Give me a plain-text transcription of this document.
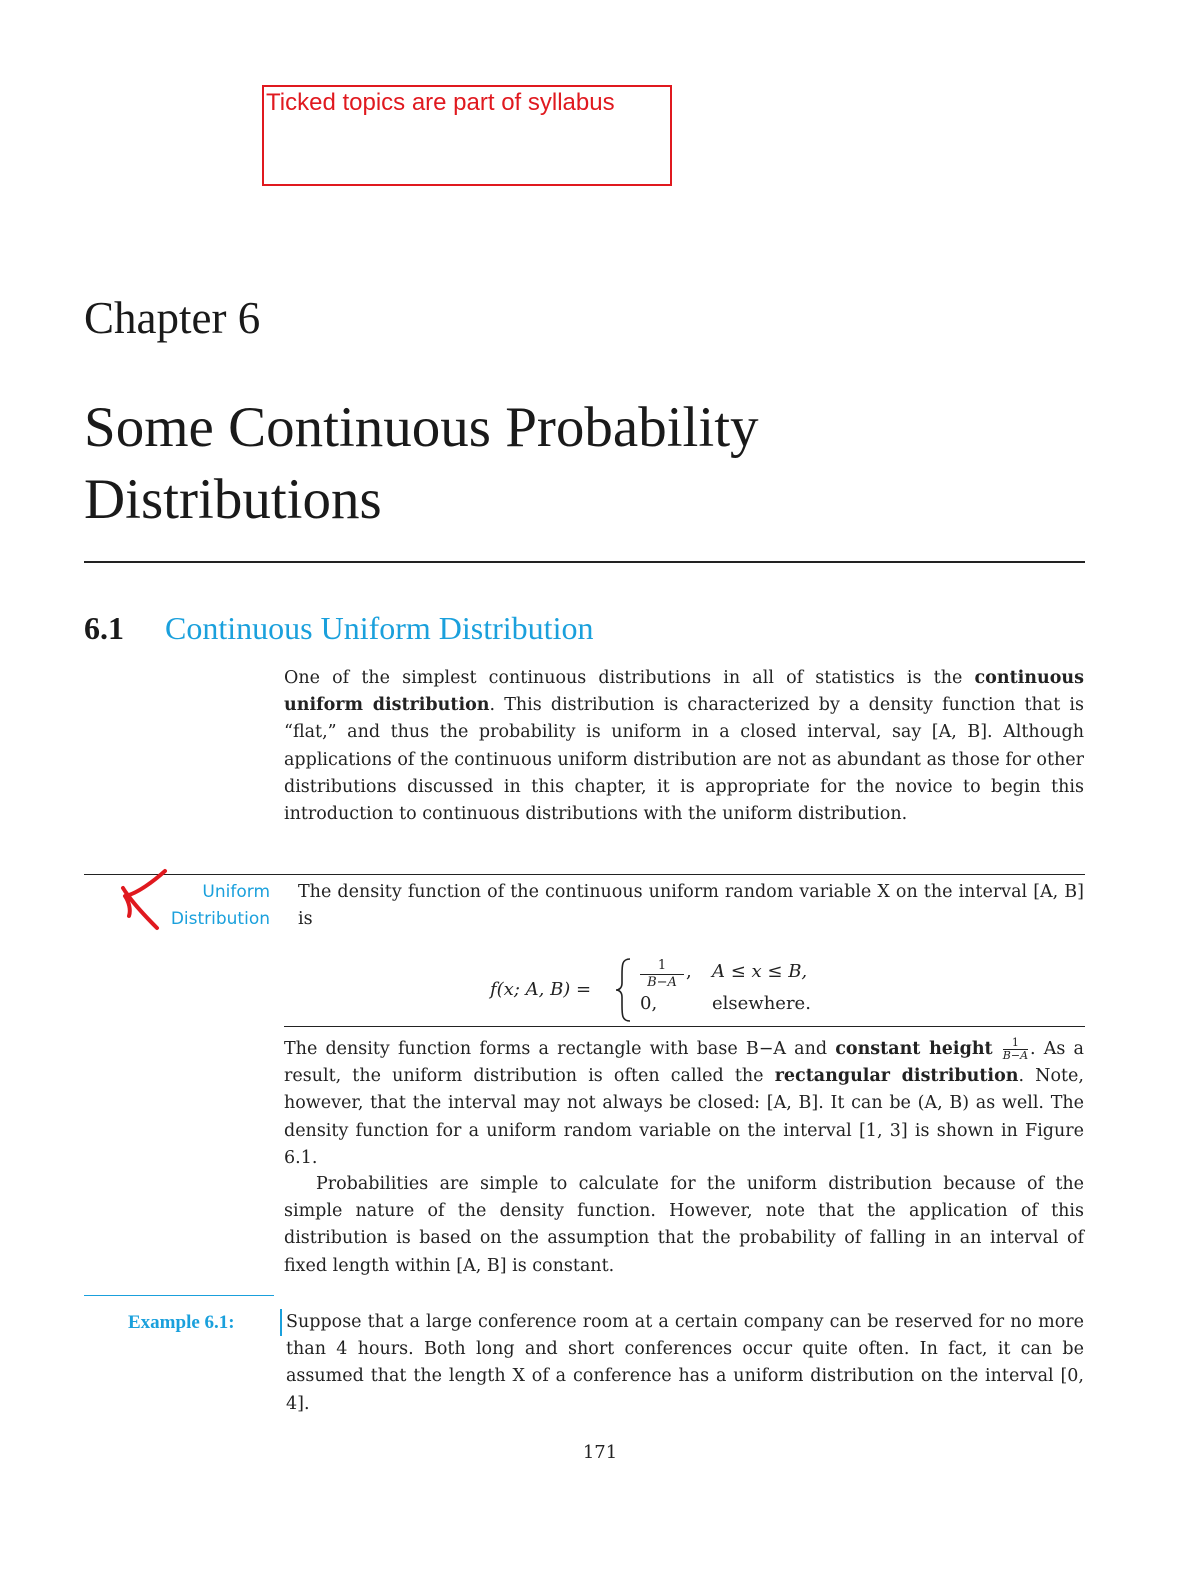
Ticked topics are part of syllabus
Chapter 6
Some Continuous Probability
Distributions
6.1 Continuous Uniform Distribution
One of the simplest continuous distributions in all of statistics is the continuous uniform distribution. This distribution is characterized by a density function that is “flat,” and thus the probability is uniform in a closed interval, say [A, B]. Although applications of the continuous uniform distribution are not as abundant as those for other distributions discussed in this chapter, it is appropriate for the novice to begin this introduction to continuous distributions with the uniform distribution.
Uniform
Distribution
The density function of the continuous uniform random variable X on the interval [A, B] is
f(x; A, B) =
1
B−A
, A ≤ x ≤ B,
0,	elsewhere.
The density function forms a rectangle with base B−A and constant height $\frac{1}{B-A}$ . As a result, the uniform distribution is often called the rectangular distribution. Note, however, that the interval may not always be closed: [A, B]. It can be (A, B) as well. The density function for a uniform random variable on the interval [1, 3] is shown in Figure 6.1.
Probabilities are simple to calculate for the uniform distribution because of the simple nature of the density function. However, note that the application of this distribution is based on the assumption that the probability of falling in an interval of fixed length within [A, B] is constant.
Example 6.1:	Suppose that a large conference room at a certain company can be reserved for no more than 4 hours. Both long and short conferences occur quite often. In fact, it can be assumed that the length X of a conference has a uniform distribution on the interval [0, 4].
171
